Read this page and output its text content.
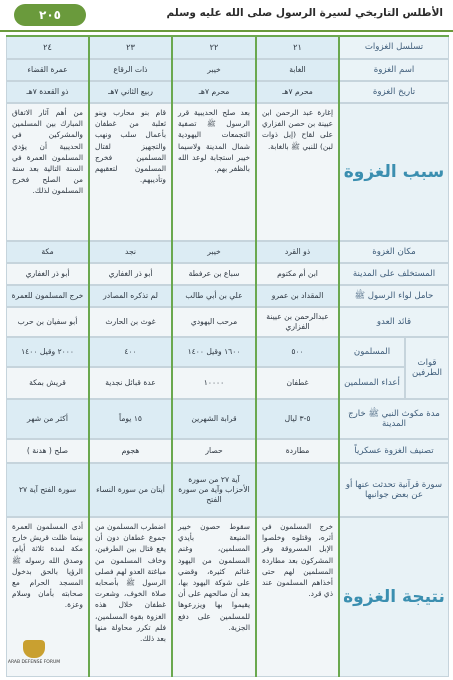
الأطلس التاريخي لسيرة الرسول صلى الله عليه وسلم
٢٠٥
تسلسل الغزوات
اسم الغزوة
تاريخ الغزوة
سبب الغزوة
مكان الغزوة
المستخلف على المدينة
حامل لواء الرسول ﷺ
قائد العدو
قوات الطرفين
المسلمون
أعداء المسلمين
مدة مكوث النبي ﷺ خارج المدينة
تصنيف الغزوة عسكرياً
سورة قرآنية تحدثت عنها أو عن بعض جوانبها
نتيجة الغزوة
٢١
الغابة
محرم ٧هـ
إغارة عبد الرحمن ابن عيينة بن حصن الفزاري على لقاح (إبل ذوات لبن) للنبي ﷺ بالغابة.
ذو القرد
ابن أم مكتوم
المقداد بن عمرو
عبدالرحمن بن عيينة الفزاري
٥٠٠
غطفان
٥-٣ ليال
مطاردة
خرج المسلمون في أثره، وقتلوه وخلصوا الإبل المسروقة وفر المشركون بعد مطاردة المسلمين لهم حتى أخذاهم المسلمون عند ذي قرد.
٢٢
خيبر
محرم ٧هـ
بعد صلح الحديبية قرر الرسول ﷺ تصفية التجمعات اليهودية شمال المدينة ولاسيما خيبر استجابة لوعد الله بالظفر بهم.
خيبر
سباع بن عرفطة
علي بن أبي طالب
مرحب اليهودي
١٦٠٠ وقيل ١٤٠٠
١٠٠٠٠
قرابة الشهرين
حصار
آية ٢٧ من سورة الأحزاب وآية من سورة الفتح
سقوط حصون خيبر المنيعة بأيدي المسلمين، وغنم المسلمون من اليهود غنائم كثيرة، وقضي على شوكة اليهود بها، بعد أن صالحهم على أن يقيموا بها ويزرعوها للمسلمين على دفع الجزية.
٢٣
ذات الرقاع
ربيع الثاني ٧هـ
قام بنو محارب وبنو ثعلبة من غطفان بأعمال سلب ونهب والتجهيز لقتال المسلمين فخرج المسلمون لتعقبهم وتأديبهم.
نجد
أبو ذر الغفاري
لم تذكره المصادر
غوث بن الحارث
٤٠٠
عدة قبائل نجدية
١٥ يوماً
هجوم
أيتان من سورة النساء
اضطرب المسلمون من جموع غطفان دون أن يقع قتال بين الطرفين، وخاف المسلمون من مباغتة العدو لهم فصلى الرسول ﷺ بأصحابه صلاة الخوف، وشعرت غطفان خلال هذه الغزوة بقوة المسلمين، فلم تكرر محاولة منها بعد ذلك.
٢٤
عمرة القضاء
ذو القعدة ٧هـ
من أهم آثار الاتفاق المبارك بين المسلمين والمشركين في الحديبية أن يؤدي المسلمون العمرة في السنة التالية بعد سنة من الصلح فخرج المسلمون لذلك.
مكة
أبو ذر الغفاري
خرج المسلمون للعمرة
أبو سفيان بن حرب
٢٠٠٠ وقيل ١٤٠٠
قريش بمكة
أكثر من شهر
صلح ( هدنة )
سورة الفتح آية ٢٧
أدى المسلمون العمرة بينما ظلت قريش خارج مكة لمدة ثلاثة أيام، وصدق الله رسوله ﷺ الرؤيا بالحق بدخول المسجد الحرام مع صحابته بأمان وسلام وعزة.
ARAB DEFENSE FORUM
